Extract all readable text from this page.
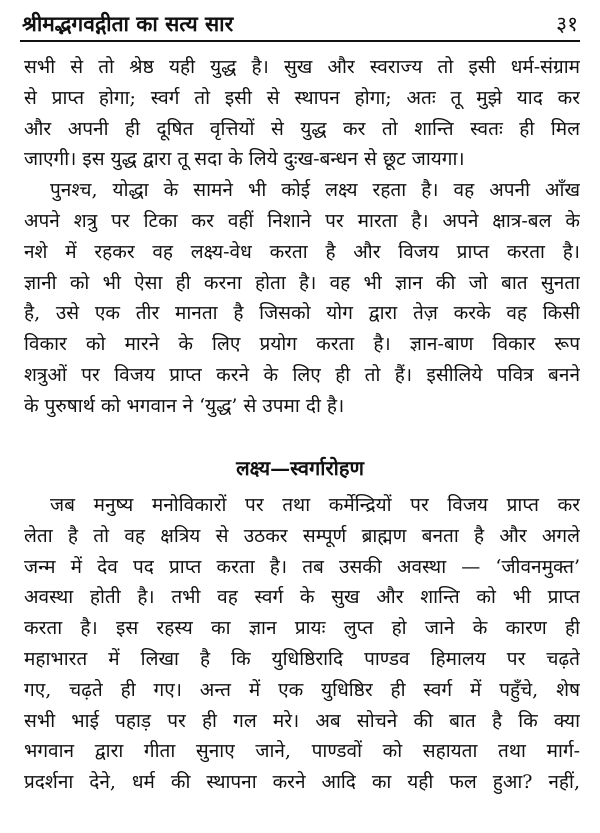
श्रीमद्भगवद्गीता का सत्य सार	३१
सभी से तो श्रेष्ठ यही युद्ध है। सुख और स्वराज्य तो इसी धर्म-संग्राम
से प्राप्त होगा; स्वर्ग तो इसी से स्थापन होगा; अतः तू मुझे याद कर
और अपनी ही दूषित वृत्तियों से युद्ध कर तो शान्ति स्वतः ही मिल
जाएगी। इस युद्ध द्वारा तू सदा के लिये दुःख-बन्धन से छूट जायगा।
पुनश्च, योद्धा के सामने भी कोई लक्ष्य रहता है। वह अपनी आँख
अपने शत्रु पर टिका कर वहीं निशाने पर मारता है। अपने क्षात्र-बल के
नशे में रहकर वह लक्ष्य-वेध करता है और विजय प्राप्त करता है।
ज्ञानी को भी ऐसा ही करना होता है। वह भी ज्ञान की जो बात सुनता
है, उसे एक तीर मानता है जिसको योग द्वारा तेज़ करके वह किसी
विकार को मारने के लिए प्रयोग करता है। ज्ञान-बाण विकार रूप
शत्रुओं पर विजय प्राप्त करने के लिए ही तो हैं। इसीलिये पवित्र बनने
के पुरुषार्थ को भगवान ने ‘युद्ध’ से उपमा दी है।
लक्ष्य—स्वर्गारोहण
जब मनुष्य मनोविकारों पर तथा कर्मेन्द्रियों पर विजय प्राप्त कर
लेता है तो वह क्षत्रिय से उठकर सम्पूर्ण ब्राह्मण बनता है और अगले
जन्म में देव पद प्राप्त करता है। तब उसकी अवस्था — ‘जीवनमुक्त’
अवस्था होती है। तभी वह स्वर्ग के सुख और शान्ति को भी प्राप्त
करता है। इस रहस्य का ज्ञान प्रायः लुप्त हो जाने के कारण ही
महाभारत में लिखा है कि युधिष्ठिरादि पाण्डव हिमालय पर चढ़ते
गए, चढ़ते ही गए। अन्त में एक युधिष्ठिर ही स्वर्ग में पहुँचे, शेष
सभी भाई पहाड़ पर ही गल मरे। अब सोचने की बात है कि क्या
भगवान द्वारा गीता सुनाए जाने, पाण्डवों को सहायता तथा मार्ग-
प्रदर्शना देने, धर्म की स्थापना करने आदि का यही फल हुआ? नहीं,
